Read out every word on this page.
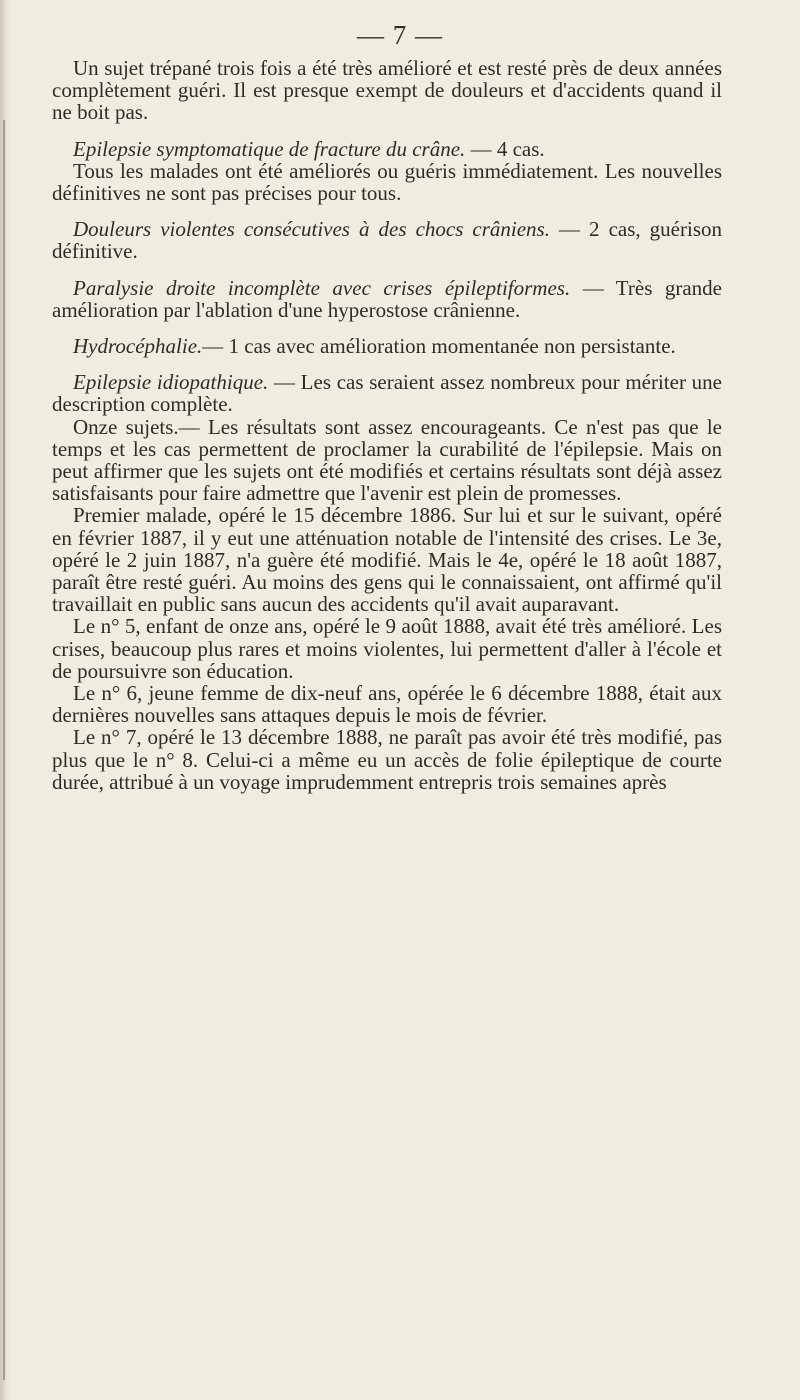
— 7 —

Un sujet trépané trois fois a été très amélioré et est resté près de deux années complètement guéri. Il est presque exempt de douleurs et d'accidents quand il ne boit pas.

Epilepsie symptomatique de fracture du crâne. — 4 cas.

Tous les malades ont été améliorés ou guéris immédiatement. Les nouvelles définitives ne sont pas précises pour tous.

Douleurs violentes consécutives à des chocs crâniens. — 2 cas, guérison définitive.

Paralysie droite incomplète avec crises épileptiformes. — Très grande amélioration par l'ablation d'une hyperostose crânienne.

Hydrocéphalie.— 1 cas avec amélioration momentanée non persistante.

Epilepsie idiopathique. — Les cas seraient assez nombreux pour mériter une description complète.

Onze sujets.— Les résultats sont assez encourageants. Ce n'est pas que le temps et les cas permettent de proclamer la curabilité de l'épilepsie. Mais on peut affirmer que les sujets ont été modifiés et certains résultats sont déjà assez satisfaisants pour faire admettre que l'avenir est plein de promesses.

Premier malade, opéré le 15 décembre 1886. Sur lui et sur le suivant, opéré en février 1887, il y eut une atténuation notable de l'intensité des crises. Le 3e, opéré le 2 juin 1887, n'a guère été modifié. Mais le 4e, opéré le 18 août 1887, paraît être resté guéri. Au moins des gens qui le connaissaient, ont affirmé qu'il travaillait en public sans aucun des accidents qu'il avait auparavant.

Le n° 5, enfant de onze ans, opéré le 9 août 1888, avait été très amélioré. Les crises, beaucoup plus rares et moins violentes, lui permettent d'aller à l'école et de poursuivre son éducation.

Le n° 6, jeune femme de dix-neuf ans, opérée le 6 décembre 1888, était aux dernières nouvelles sans attaques depuis le mois de février.

Le n° 7, opéré le 13 décembre 1888, ne paraît pas avoir été très modifié, pas plus que le n° 8. Celui-ci a même eu un accès de folie épileptique de courte durée, attribué à un voyage imprudemment entrepris trois semaines après
